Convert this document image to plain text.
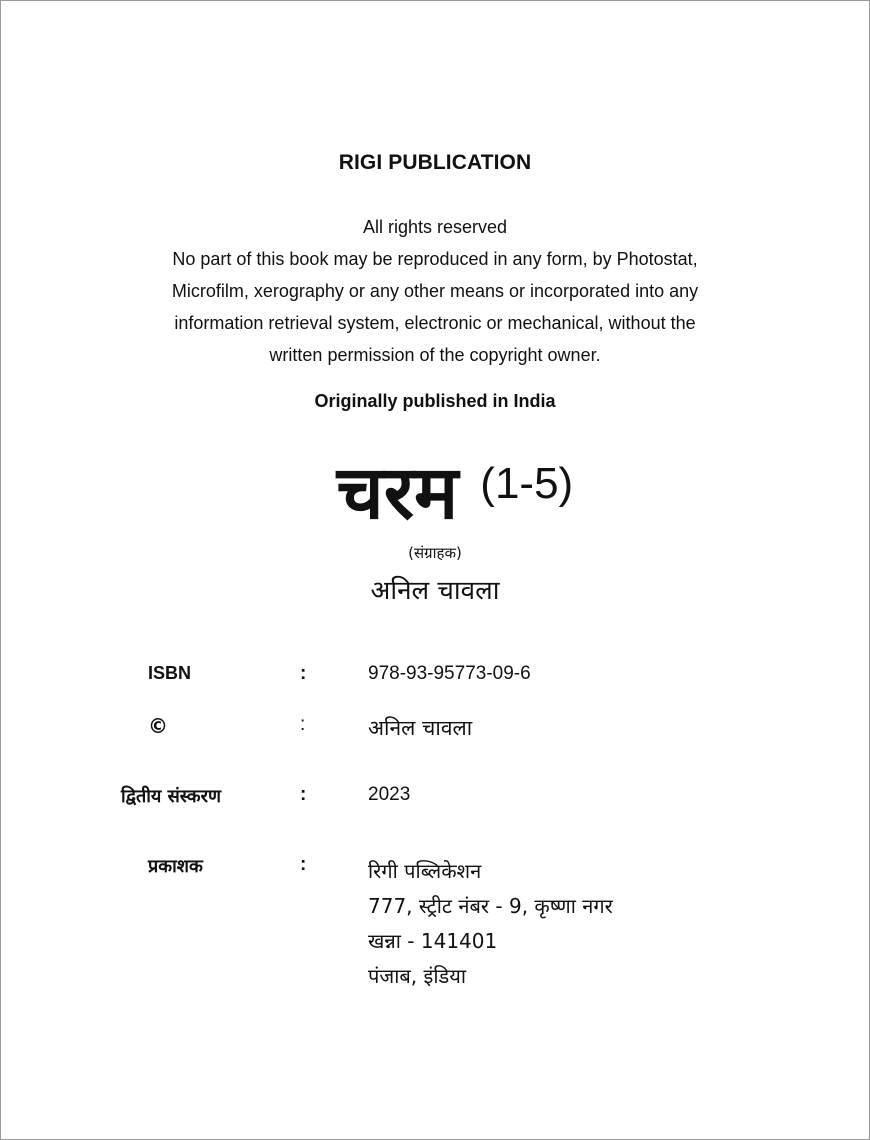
RIGI PUBLICATION
All rights reserved
No part of this book may be reproduced in any form, by Photostat,
Microfilm, xerography or any other means or incorporated into any
information retrieval system, electronic or mechanical, without the
written permission of the copyright owner.
Originally published in India
चरम (1-5)
(संग्राहक)
अनिल चावला
ISBN	:	978-93-95773-09-6
©	:	अनिल चावला
द्वितीय संस्करण	:	2023
प्रकाशक	:	रिगी पब्लिकेशन
777, स्ट्रीट नंबर - 9, कृष्णा नगर
खन्ना - 141401
पंजाब, इंडिया
